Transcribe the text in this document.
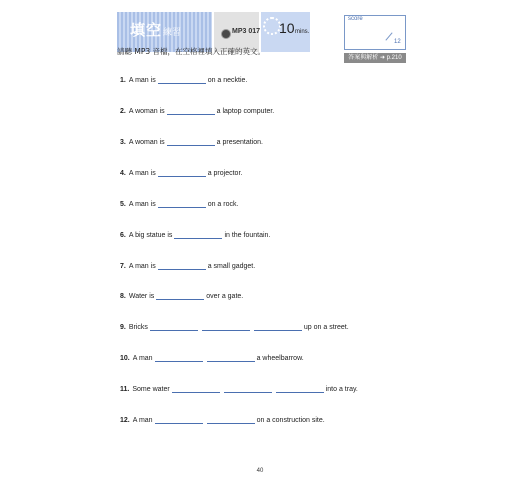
填空練習	MP3 017 10 mins.
score
12
答案與解析 ➜ p.210
請聽 MP3 音檔，在空格裡填入正確的英文。
1. A man is	on a necktie.
2. A woman is	a laptop computer.
3. A woman is	a presentation.
4. A man is	a projector.
5. A man is	on a rock.
6. A big statue is	in the fountain.
7. A man is	a small gadget.
8. Water is	over a gate.
9. Bricks	up on a street.
10. A man	a wheelbarrow.
11. Some water	into a tray.
12. A man	on a construction site.
40
